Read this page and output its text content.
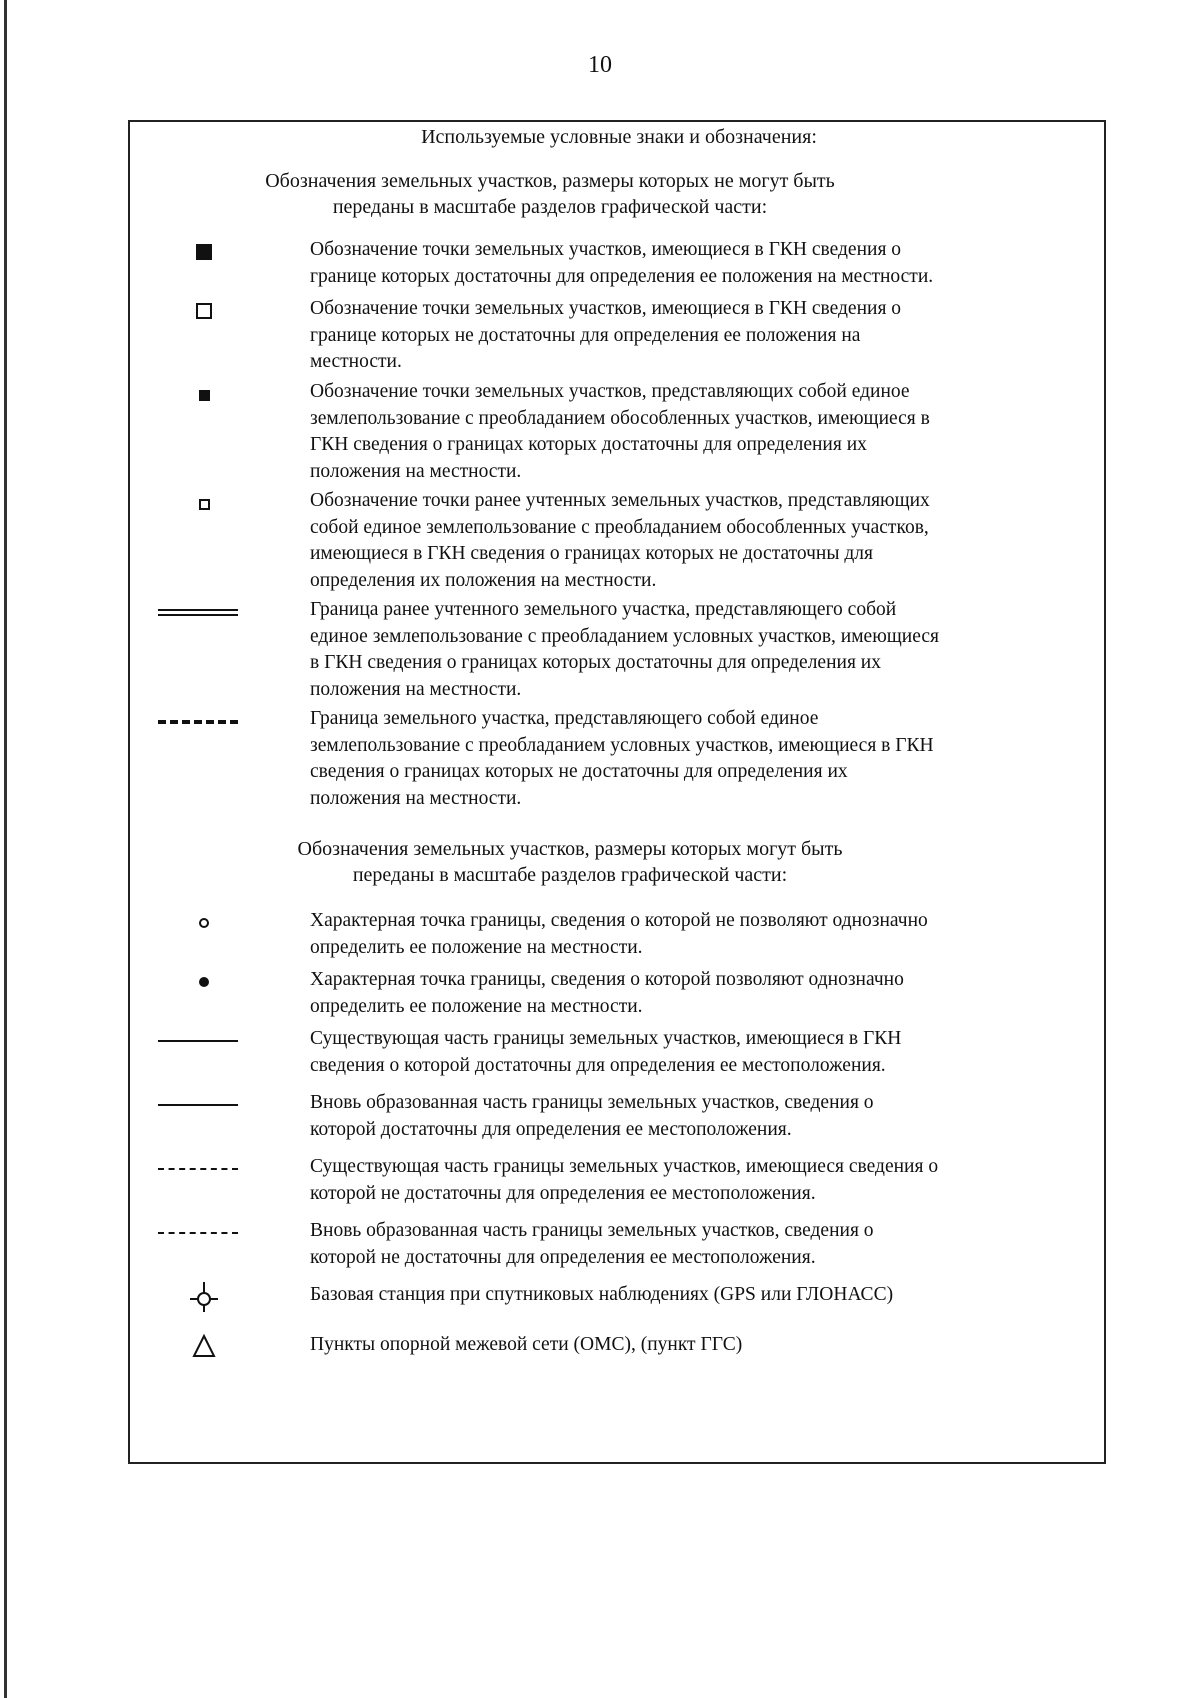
10
Используемые условные знаки и обозначения:
Обозначения земельных участков, размеры которых не могут быть
переданы в масштабе разделов графической части:
Обозначение точки земельных участков, имеющиеся в ГКН сведения о
границе которых достаточны для определения ее положения на местности.
Обозначение точки земельных участков, имеющиеся в ГКН сведения о
границе которых не достаточны для определения ее положения на
местности.
Обозначение точки земельных участков, представляющих собой единое
землепользование с преобладанием обособленных участков, имеющиеся в
ГКН сведения о границах которых достаточны для определения их
положения на местности.
Обозначение точки ранее учтенных земельных участков, представляющих
собой единое землепользование с преобладанием обособленных участков,
имеющиеся в ГКН сведения о границах которых не достаточны для
определения их положения на местности.
Граница ранее учтенного земельного участка, представляющего собой
единое землепользование с преобладанием условных участков, имеющиеся
в ГКН сведения о границах которых достаточны для определения их
положения на местности.
Граница земельного участка, представляющего собой единое
землепользование с преобладанием условных участков, имеющиеся в ГКН
сведения о границах которых не достаточны для определения их
положения на местности.
Обозначения земельных участков, размеры которых могут быть
переданы в масштабе разделов графической части:
Характерная точка границы, сведения о которой не позволяют однозначно
определить ее положение на местности.
Характерная точка границы, сведения о которой позволяют однозначно
определить ее положение на местности.
Существующая часть границы земельных участков, имеющиеся в ГКН
сведения о которой достаточны для определения ее местоположения.
Вновь образованная часть границы земельных участков, сведения о
которой достаточны для определения ее местоположения.
Существующая часть границы земельных участков, имеющиеся сведения о
которой не достаточны для определения ее местоположения.
Вновь образованная часть границы земельных участков, сведения о
которой не достаточны для определения ее местоположения.
Базовая станция при спутниковых наблюдениях (GPS или ГЛОНАСС)
Пункты опорной межевой сети (ОМС), (пункт ГГС)
